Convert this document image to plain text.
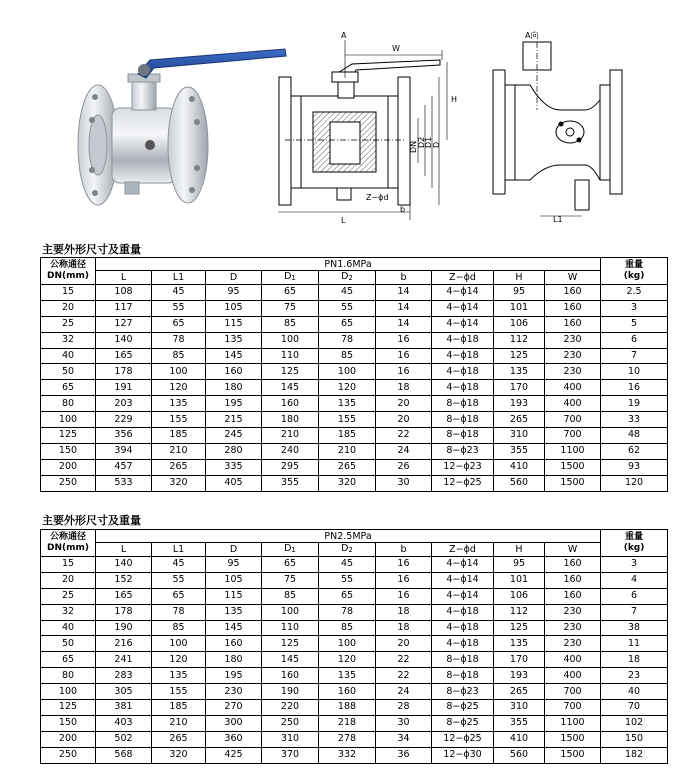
A
W
H
DN D2
D1 D
Z−ϕd
b
L
A向
L1
主要外形尺寸及重量
公称通径
DN(mm)	PN1.6MPa									重量
(kg)
	L	L1	D	$D_1$	$D_2$	b	Z−ϕd	H	W	
15	108	45	95	65	45	14	4−ϕ14	95	160	2.5
20	117	55	105	75	55	14	4−ϕ14	101	160	3
25	127	65	115	85	65	14	4−ϕ14	106	160	5
32	140	78	135	100	78	16	4−ϕ18	112	230	6
40	165	85	145	110	85	16	4−ϕ18	125	230	7
50	178	100	160	125	100	16	4−ϕ18	135	230	10
65	191	120	180	145	120	18	4−ϕ18	170	400	16
80	203	135	195	160	135	20	8−ϕ18	193	400	19
100	229	155	215	180	155	20	8−ϕ18	265	700	33
125	356	185	245	210	185	22	8−ϕ18	310	700	48
150	394	210	280	240	210	24	8−ϕ23	355	1100	62
200	457	265	335	295	265	26	12−ϕ23	410	1500	93
250	533	320	405	355	320	30	12−ϕ25	560	1500	120
主要外形尺寸及重量
公称通径
DN(mm)	PN2.5MPa									重量
(kg)
	L	L1	D	$D_1$	$D_2$	b	Z−ϕd	H	W	
15	140	45	95	65	45	16	4−ϕ14	95	160	3
20	152	55	105	75	55	16	4−ϕ14	101	160	4
25	165	65	115	85	65	16	4−ϕ14	106	160	6
32	178	78	135	100	78	18	4−ϕ18	112	230	7
40	190	85	145	110	85	18	4−ϕ18	125	230	38
50	216	100	160	125	100	20	4−ϕ18	135	230	11
65	241	120	180	145	120	22	8−ϕ18	170	400	18
80	283	135	195	160	135	22	8−ϕ18	193	400	23
100	305	155	230	190	160	24	8−ϕ23	265	700	40
125	381	185	270	220	188	28	8−ϕ25	310	700	70
150	403	210	300	250	218	30	8−ϕ25	355	1100	102
200	502	265	360	310	278	34	12−ϕ25	410	1500	150
250	568	320	425	370	332	36	12−ϕ30	560	1500	182
